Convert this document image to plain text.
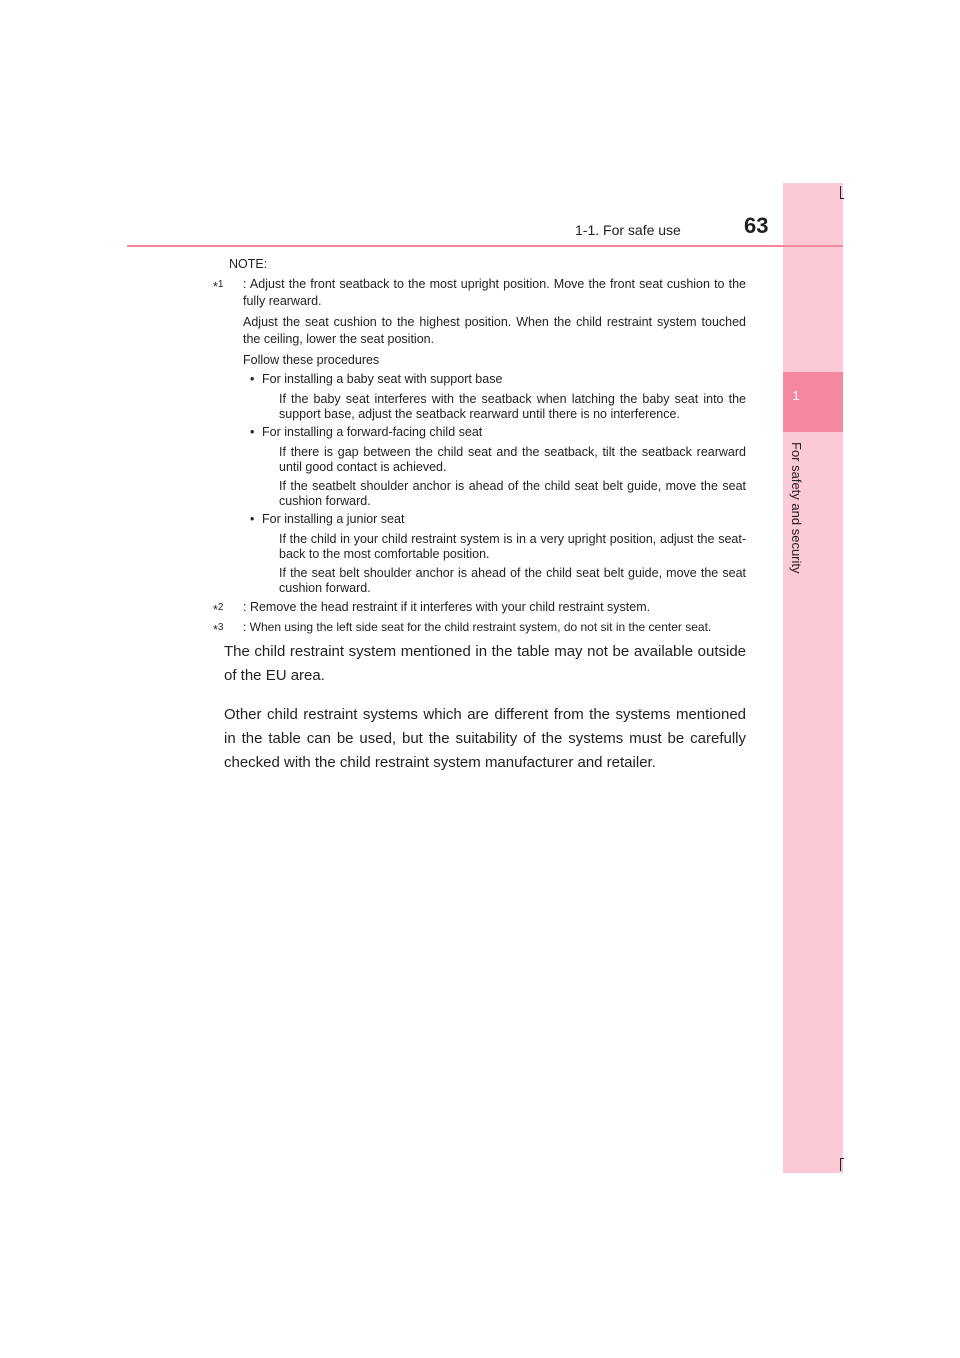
1
For safety and security
1-1. For safe use	63
NOTE:
*$^1$ : Adjust the front seatback to the most upright position. Move the front seat cushion to the fully rearward.

Adjust the seat cushion to the highest position. When the child restraint system touched the ceiling, lower the seat position.

Follow these procedures

• For installing a baby seat with support base
If the baby seat interferes with the seatback when latching the baby seat into the support base, adjust the seatback rearward until there is no interference.
• For installing a forward-facing child seat
If there is gap between the child seat and the seatback, tilt the seatback rearward until good contact is achieved.
If the seatbelt shoulder anchor is ahead of the child seat belt guide, move the seat cushion forward.
• For installing a junior seat
If the child in your child restraint system is in a very upright position, adjust the seat-back to the most comfortable position.
If the seat belt shoulder anchor is ahead of the child seat belt guide, move the seat cushion forward.
*$^2$ : Remove the head restraint if it interferes with your child restraint system.

*$^3$ : When using the left side seat for the child restraint system, do not sit in the center seat.

The child restraint system mentioned in the table may not be available outside of the EU area.

Other child restraint systems which are different from the systems mentioned in the table can be used, but the suitability of the systems must be carefully checked with the child restraint system manufacturer and retailer.
